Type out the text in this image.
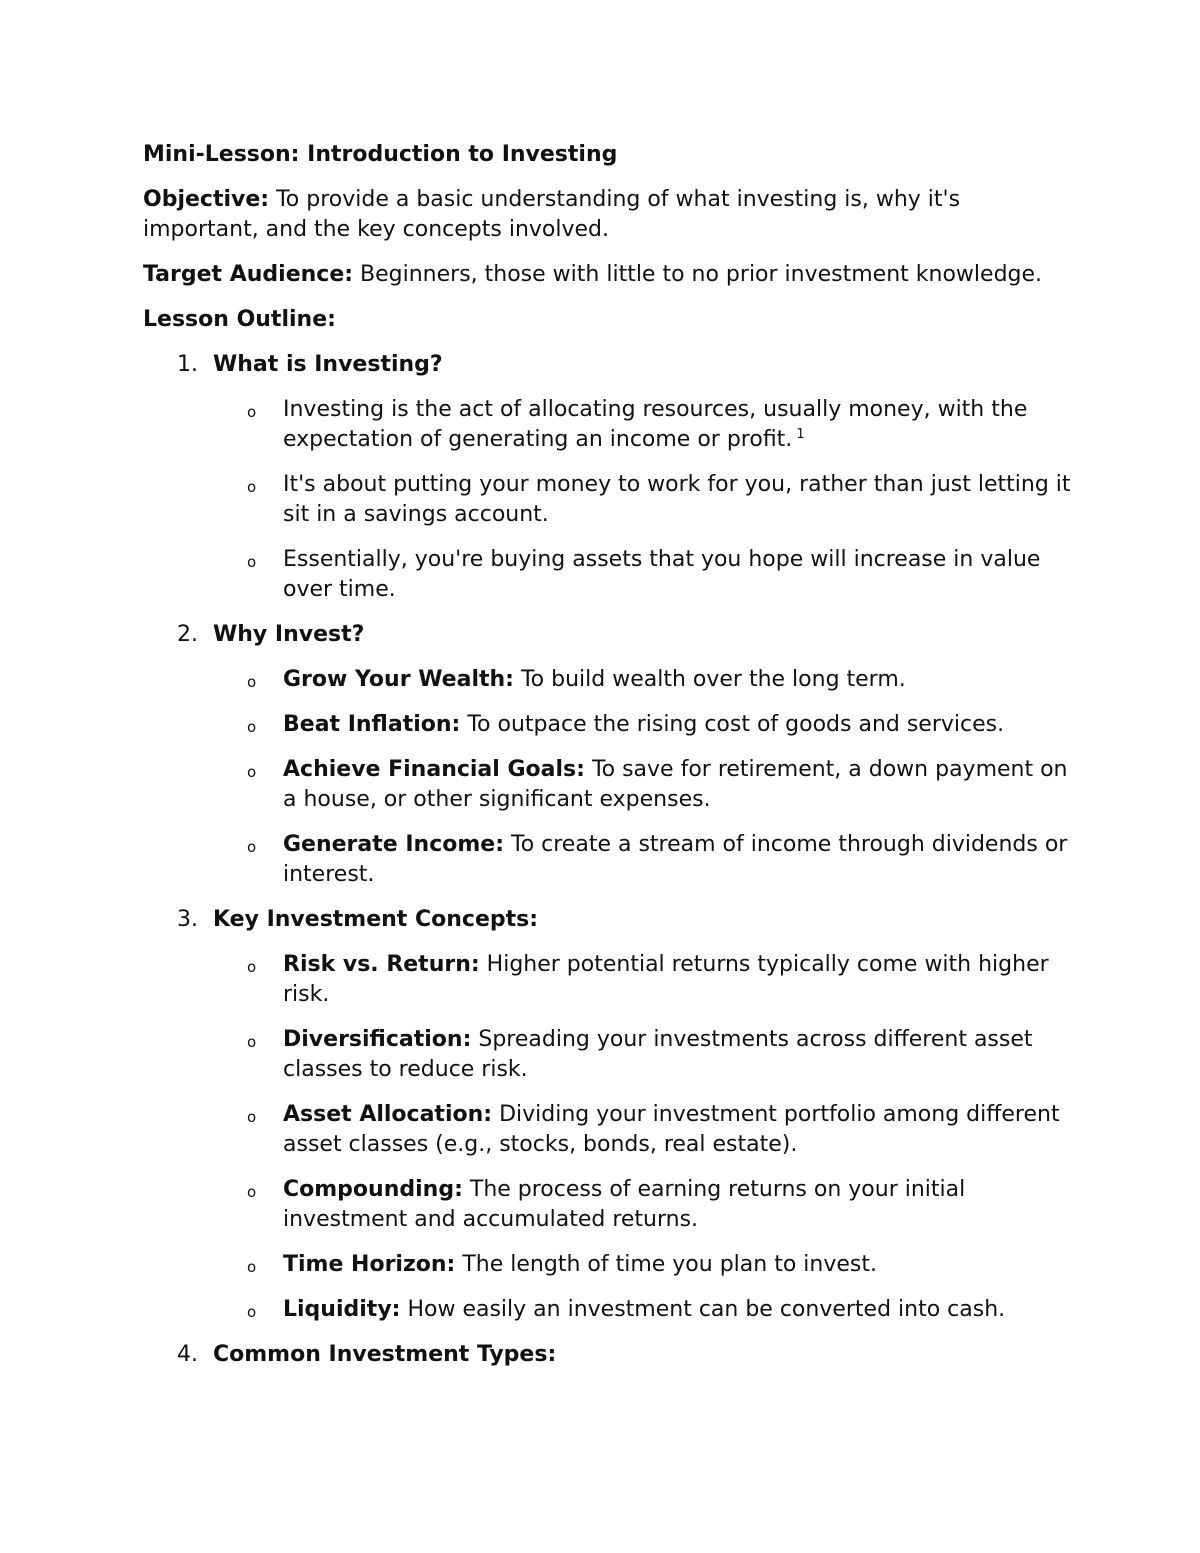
Mini-Lesson: Introduction to Investing
Objective: To provide a basic understanding of what investing is, why it's important, and the key concepts involved.
Target Audience: Beginners, those with little to no prior investment knowledge.
Lesson Outline:
1. What is Investing?
o Investing is the act of allocating resources, usually money, with the expectation of generating an income or profit. $^1$
o It's about putting your money to work for you, rather than just letting it sit in a savings account.
o Essentially, you're buying assets that you hope will increase in value over time.
2. Why Invest?
o Grow Your Wealth: To build wealth over the long term.
o Beat Inflation: To outpace the rising cost of goods and services.
o Achieve Financial Goals: To save for retirement, a down payment on a house, or other significant expenses.
o Generate Income: To create a stream of income through dividends or interest.
3. Key Investment Concepts:
o Risk vs. Return: Higher potential returns typically come with higher risk.
o Diversification: Spreading your investments across different asset classes to reduce risk.
o Asset Allocation: Dividing your investment portfolio among different asset classes (e.g., stocks, bonds, real estate).
o Compounding: The process of earning returns on your initial investment and accumulated returns.
o Time Horizon: The length of time you plan to invest.
o Liquidity: How easily an investment can be converted into cash.
4. Common Investment Types:
